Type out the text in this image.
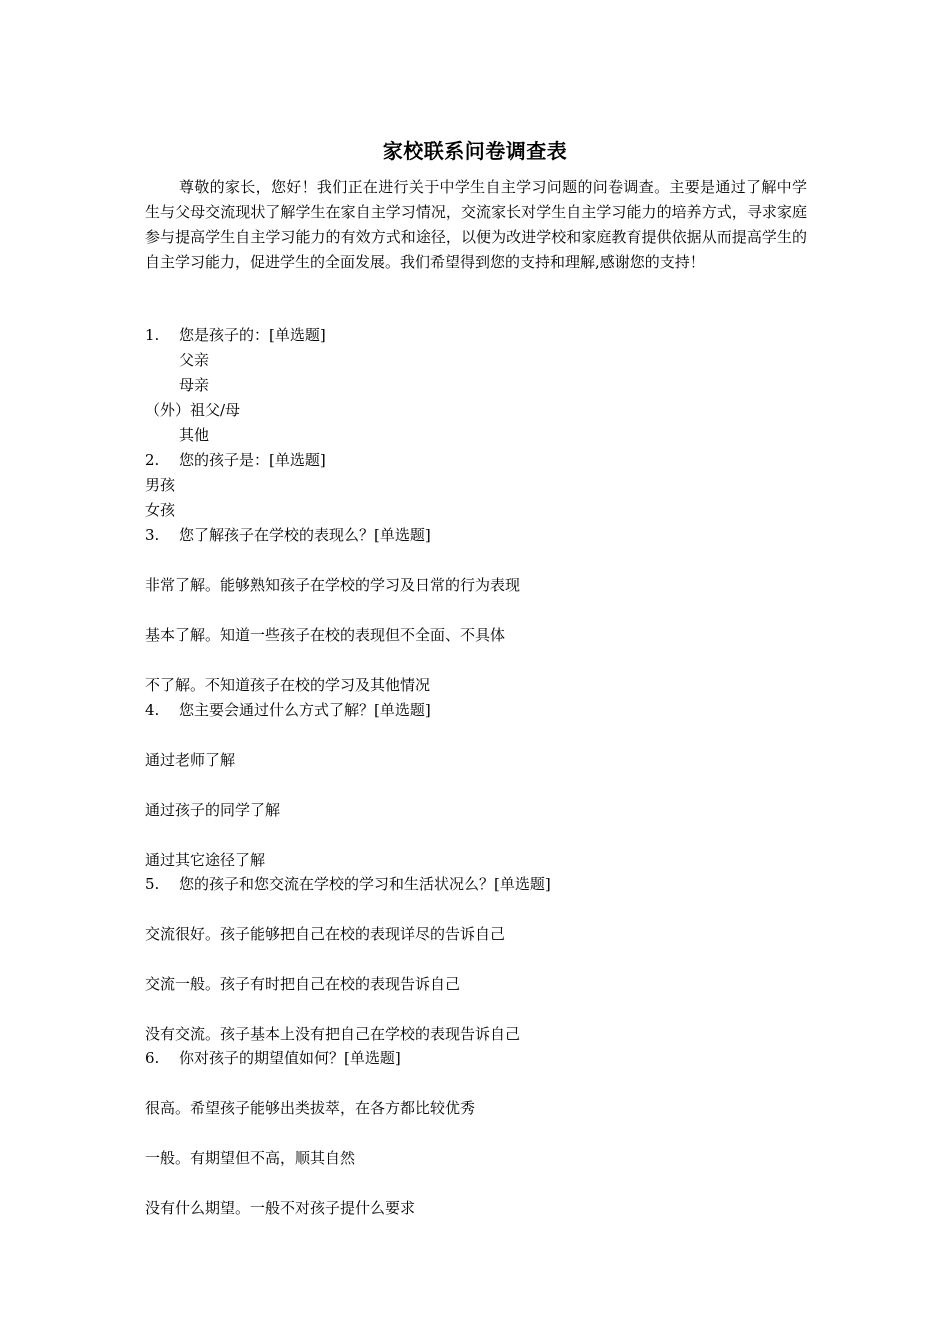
家校联系问卷调查表

尊敬的家长，您好！我们正在进行关于中学生自主学习问题的问卷调查。主要是通过了解中学生与父母交流现状了解学生在家自主学习情况，交流家长对学生自主学习能力的培养方式，寻求家庭参与提高学生自主学习能力的有效方式和途径，以便为改进学校和家庭教育提供依据从而提高学生的自主学习能力，促进学生的全面发展。我们希望得到您的支持和理解,感谢您的支持！

1.	您是孩子的：[单选题]
父亲
母亲
（外）祖父/母
其他
2.	您的孩子是：[单选题]
男孩
女孩
3.	您了解孩子在学校的表现么？[单选题]
非常了解。能够熟知孩子在学校的学习及日常的行为表现
基本了解。知道一些孩子在校的表现但不全面、不具体
不了解。不知道孩子在校的学习及其他情况
4.	您主要会通过什么方式了解？[单选题]
通过老师了解
通过孩子的同学了解
通过其它途径了解
5.	您的孩子和您交流在学校的学习和生活状况么？[单选题]
交流很好。孩子能够把自己在校的表现详尽的告诉自己
交流一般。孩子有时把自己在校的表现告诉自己
没有交流。孩子基本上没有把自己在学校的表现告诉自己
6.	你对孩子的期望值如何？[单选题]
很高。希望孩子能够出类拔萃，在各方都比较优秀
一般。有期望但不高，顺其自然
没有什么期望。一般不对孩子提什么要求
